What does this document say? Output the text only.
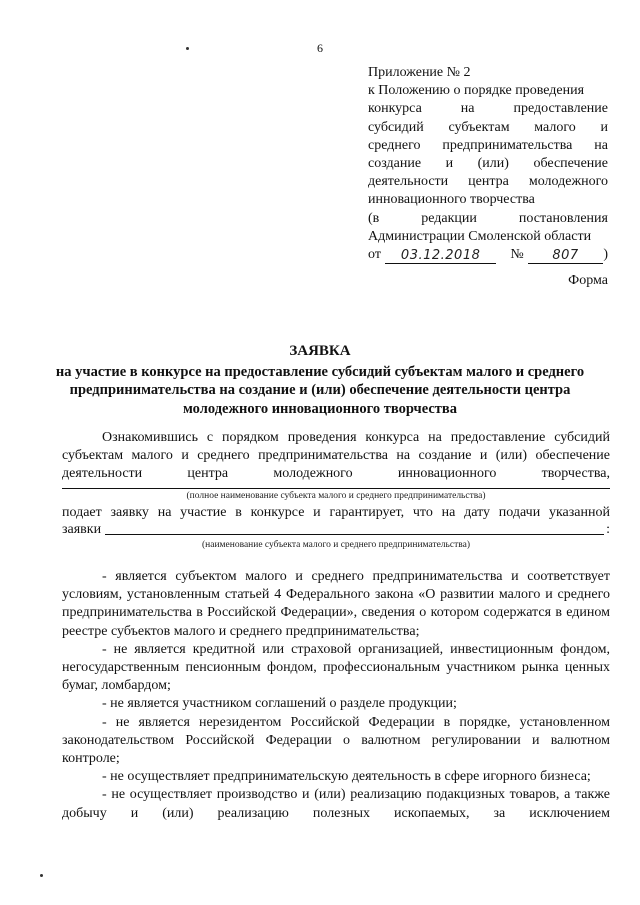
6
Приложение № 2
к Положению о порядке проведения
конкурса на предоставление
субсидий субъектам малого и
среднего предпринимательства на
создание и (или) обеспечение
деятельности центра молодежного
инновационного творчества
(в редакции постановления
Администрации Смоленской области
от	03.12.2018	№	807	)
Форма
ЗАЯВКА
на участие в конкурсе на предоставление субсидий субъектам малого и среднего предпринимательства на создание и (или) обеспечение деятельности центра молодежного инновационного творчества
Ознакомившись с порядком проведения конкурса на предоставление субсидий субъектам малого и среднего предпринимательства на создание и (или) обеспечение деятельности центра молодежного инновационного творчества,
(полное наименование субъекта малого и среднего предпринимательства)
подает заявку на участие в конкурсе и гарантирует, что на дату подачи указанной
заявки	:
(наименование субъекта малого и среднего предпринимательства)

- является субъектом малого и среднего предпринимательства и соответствует условиям, установленным статьей 4 Федерального закона «О развитии малого и среднего предпринимательства в Российской Федерации», сведения о котором содержатся в едином реестре субъектов малого и среднего предпринимательства;

- не является кредитной или страховой организацией, инвестиционным фондом, негосударственным пенсионным фондом, профессиональным участником рынка ценных бумаг, ломбардом;

- не является участником соглашений о разделе продукции;

- не является нерезидентом Российской Федерации в порядке, установленном законодательством Российской Федерации о валютном регулировании и валютном контроле;

- не осуществляет предпринимательскую деятельность в сфере игорного бизнеса;

- не осуществляет производство и (или) реализацию подакцизных товаров, а также добычу и (или) реализацию полезных ископаемых, за исключением
